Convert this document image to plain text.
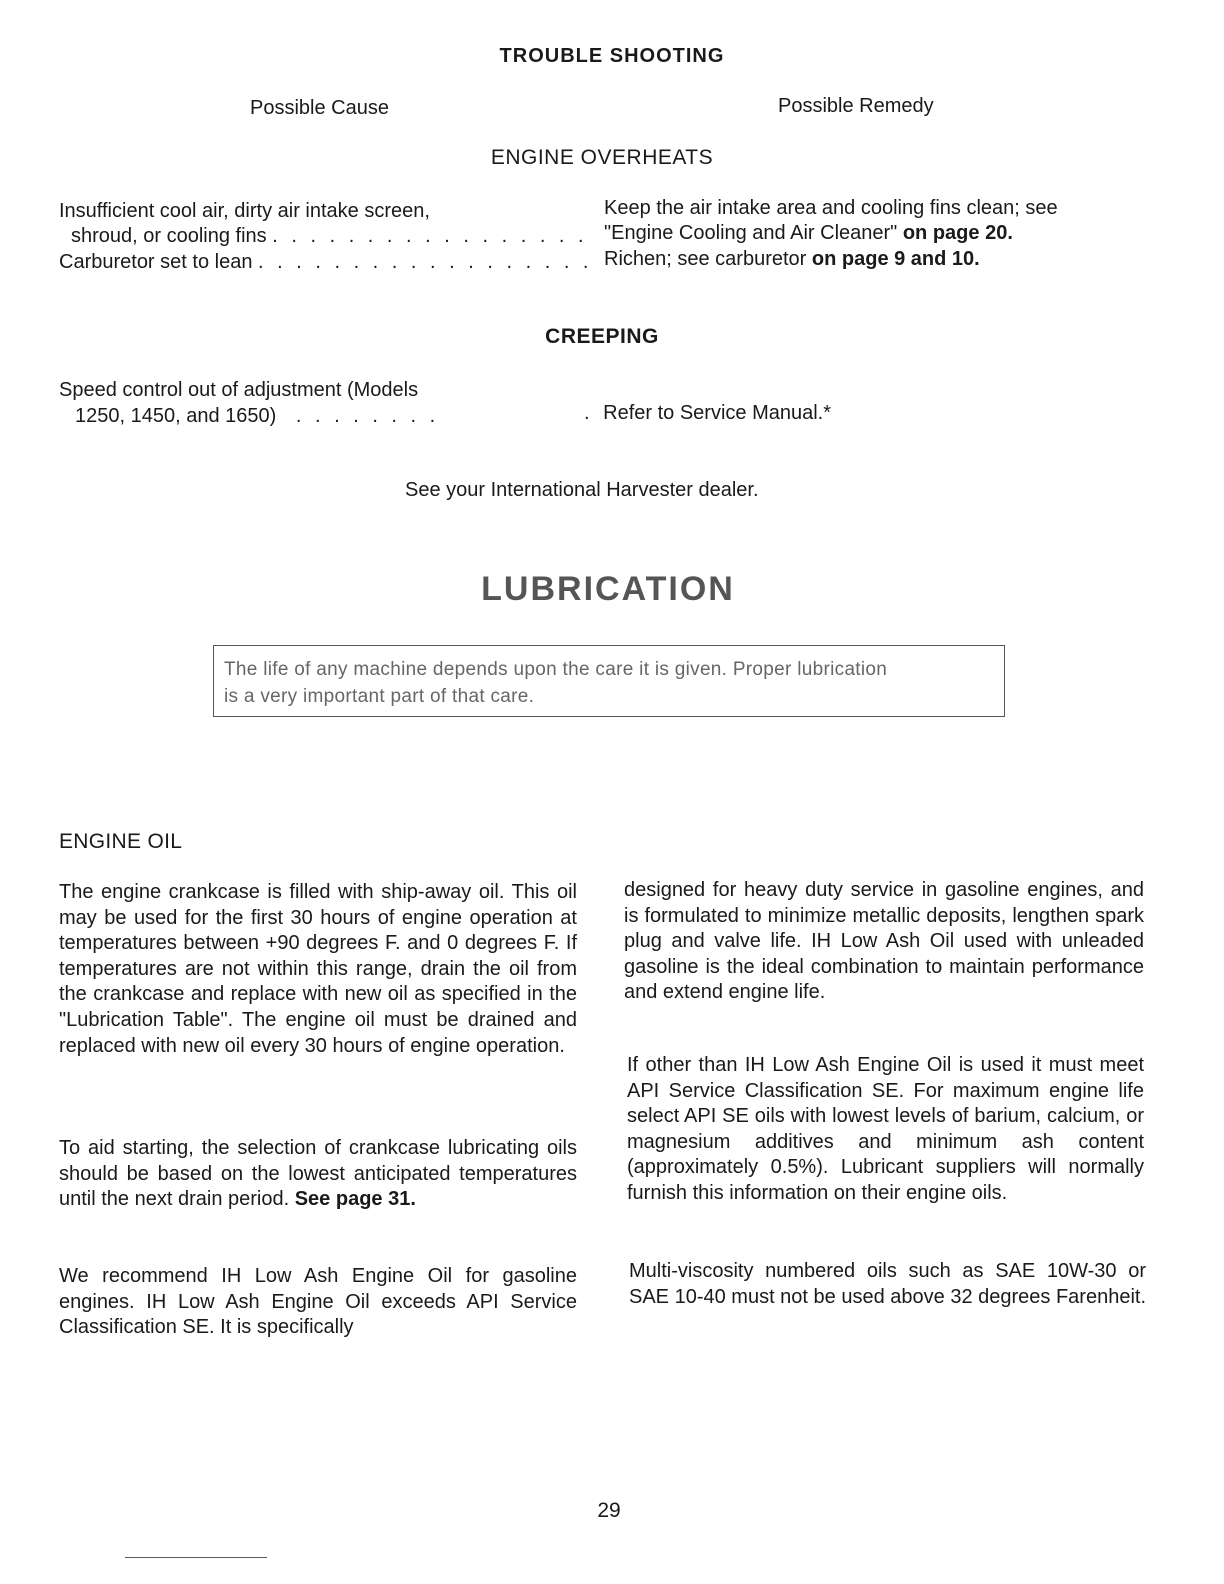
TROUBLE SHOOTING
Possible Cause	Possible Remedy
ENGINE OVERHEATS
Insufficient cool air, dirty air intake screen,
shroud, or cooling fins . . . . . . . . . . . . . . . . .
Keep the air intake area and cooling fins clean; see
"Engine Cooling and Air Cleaner" on page 20.
Carburetor set to lean . . . . . . . . . . . . . . . . . . Richen; see carburetor on page 9 and 10.
CREEPING
Speed control out of adjustment (Models
1250, 1450, and 1650) . . . . . . . .	. Refer to Service Manual.*
See your International Harvester dealer.
LUBRICATION
The life of any machine depends upon the care it is given. Proper lubrication
is a very important part of that care.
ENGINE OIL
The engine crankcase is filled with ship-away oil. This oil may be used for the first 30 hours of engine operation at temperatures between +90 degrees F. and 0 degrees F. If temperatures are not within this range, drain the oil from the crankcase and replace with new oil as specified in the "Lubrication Table". The engine oil must be drained and replaced with new oil every 30 hours of engine operation.
To aid starting, the selection of crankcase lubricating oils should be based on the lowest anticipated temperatures until the next drain period. See page 31.
We recommend IH Low Ash Engine Oil for gasoline engines. IH Low Ash Engine Oil exceeds API Service Classification SE. It is specifically
designed for heavy duty service in gasoline engines, and is formulated to minimize metallic deposits, lengthen spark plug and valve life. IH Low Ash Oil used with unleaded gasoline is the ideal combination to maintain performance and extend engine life.
If other than IH Low Ash Engine Oil is used it must meet API Service Classification SE. For maximum engine life select API SE oils with lowest levels of barium, calcium, or magnesium additives and minimum ash content (approximately 0.5%). Lubricant suppliers will normally furnish this information on their engine oils.
Multi-viscosity numbered oils such as SAE 10W-30 or SAE 10-40 must not be used above 32 degrees Farenheit.
29
